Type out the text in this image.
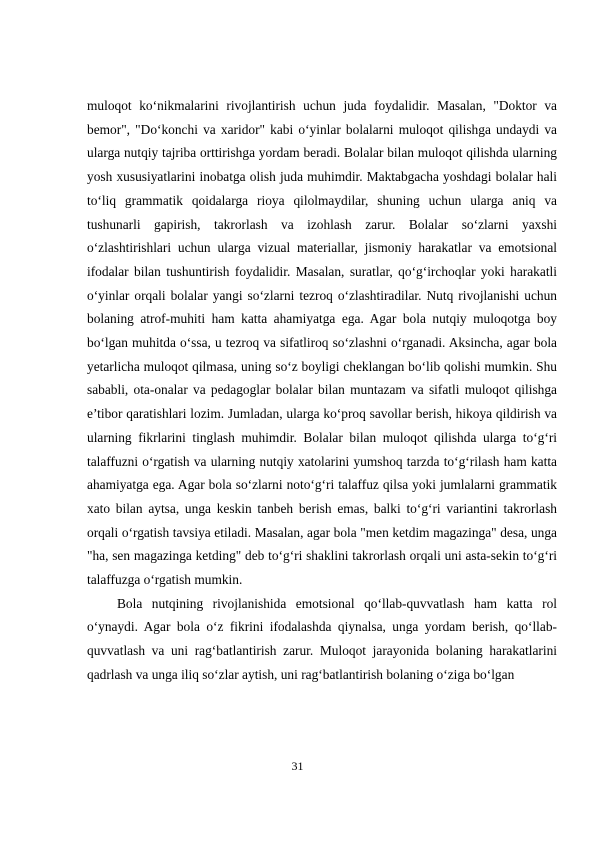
muloqot ko‘nikmalarini rivojlantirish uchun juda foydalidir. Masalan, "Doktor va bemor", "Do‘konchi va xaridor" kabi o‘yinlar bolalarni muloqot qilishga undaydi va ularga nutqiy tajriba orttirishga yordam beradi. Bolalar bilan muloqot qilishda ularning yosh xususiyatlarini inobatga olish juda muhimdir. Maktabgacha yoshdagi bolalar hali to‘liq grammatik qoidalarga rioya qilolmaydilar, shuning uchun ularga aniq va tushunarli gapirish, takrorlash va izohlash zarur. Bolalar so‘zlarni yaxshi o‘zlashtirishlari uchun ularga vizual materiallar, jismoniy harakatlar va emotsional ifodalar bilan tushuntirish foydalidir. Masalan, suratlar, qo‘g‘irchoqlar yoki harakatli o‘yinlar orqali bolalar yangi so‘zlarni tezroq o‘zlashtiradilar. Nutq rivojlanishi uchun bolaning atrof-muhiti ham katta ahamiyatga ega. Agar bola nutqiy muloqotga boy bo‘lgan muhitda o‘ssa, u tezroq va sifatliroq so‘zlashni o‘rganadi. Aksincha, agar bola yetarlicha muloqot qilmasa, uning so‘z boyligi cheklangan bo‘lib qolishi mumkin. Shu sababli, ota-onalar va pedagoglar bolalar bilan muntazam va sifatli muloqot qilishga e’tibor qaratishlari lozim. Jumladan, ularga ko‘proq savollar berish, hikoya qildirish va ularning fikrlarini tinglash muhimdir. Bolalar bilan muloqot qilishda ularga to‘g‘ri talaffuzni o‘rgatish va ularning nutqiy xatolarini yumshoq tarzda to‘g‘rilash ham katta ahamiyatga ega. Agar bola so‘zlarni noto‘g‘ri talaffuz qilsa yoki jumlalarni grammatik xato bilan aytsa, unga keskin tanbeh berish emas, balki to‘g‘ri variantini takrorlash orqali o‘rgatish tavsiya etiladi. Masalan, agar bola "men ketdim magazinga" desa, unga "ha, sen magazinga ketding" deb to‘g‘ri shaklini takrorlash orqali uni asta-sekin to‘g‘ri talaffuzga o‘rgatish mumkin.

Bola nutqining rivojlanishida emotsional qo‘llab-quvvatlash ham katta rol o‘ynaydi. Agar bola o‘z fikrini ifodalashda qiynalsa, unga yordam berish, qo‘llab-quvvatlash va uni rag‘batlantirish zarur. Muloqot jarayonida bolaning harakatlarini qadrlash va unga iliq so‘zlar aytish, uni rag‘batlantirish bolaning o‘ziga bo‘lgan

31
